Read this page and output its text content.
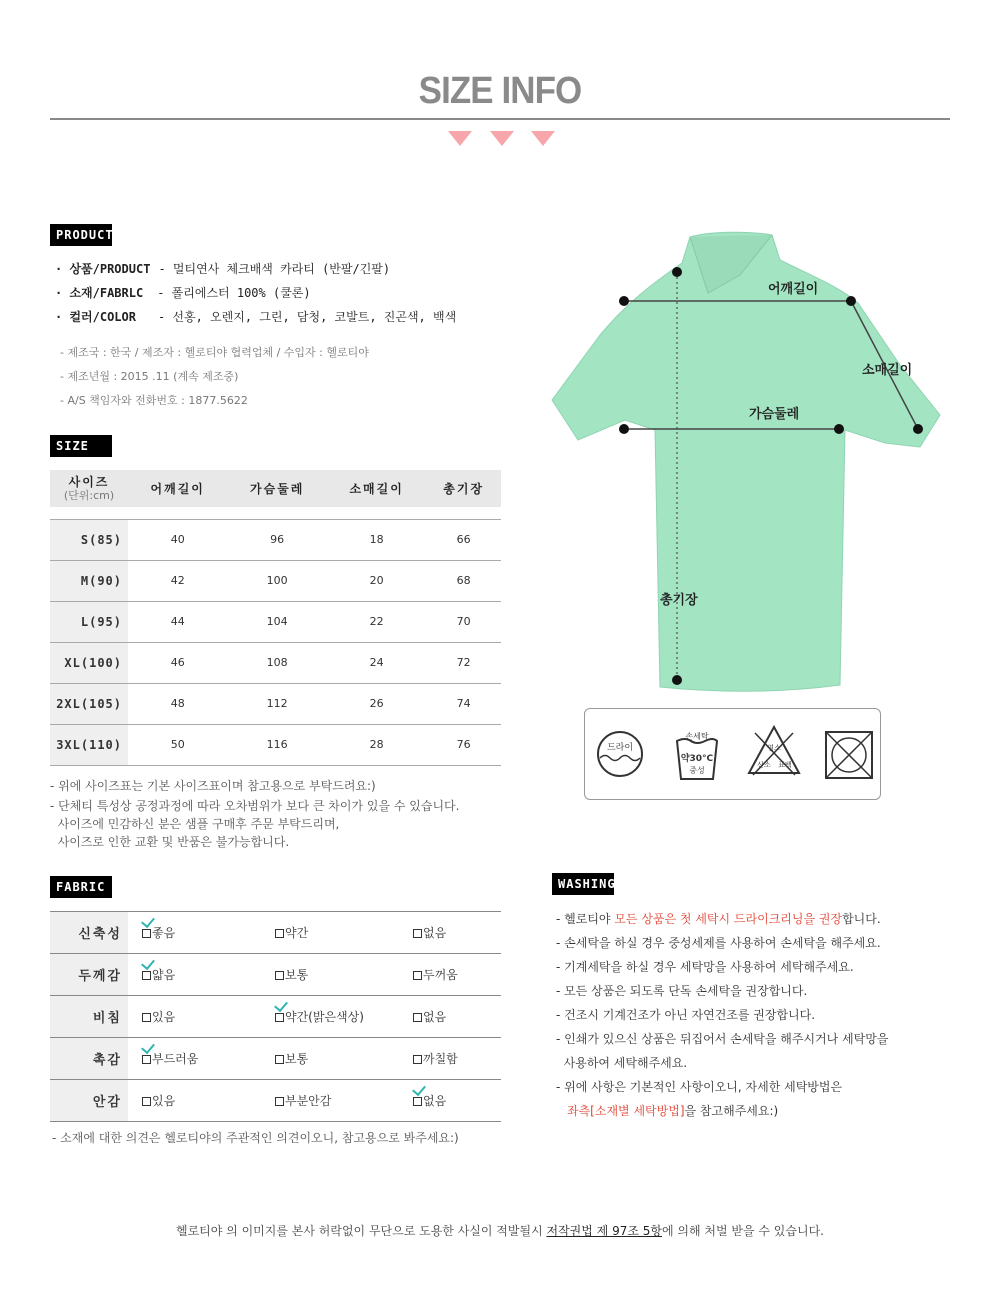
SIZE INFO
PRODUCT
· 상품/PRODUCT - 멀티연사 체크배색 카라티 (반팔/긴팔)
· 소재/FABRLC - 폴리에스터 100% (쿨론)
· 컬러/COLOR - 선홍, 오렌지, 그린, 담청, 코발트, 진곤색, 백색
- 제조국 : 한국 / 제조자 : 헬로티야 협력업체 / 수입자 : 헬로티야
- 제조년월 : 2015 .11 (계속 제조중)
- A/S 책임자와 전화번호 : 1877.5622
SIZE
사이즈
(단위:cm)	어깨길이	가슴둘레	소매길이	총기장

S(85)	40	96	18	66
M(90)	42	100	20	68
L(95)	44	104	22	70
XL(100)	46	108	24	72
2XL(105)	48	112	26	74
3XL(110)	50	116	28	76
- 위에 사이즈표는 기본 사이즈표이며 참고용으로 부탁드려요:)
- 단체티 특성상 공정과정에 따라 오차범위가 보다 큰 차이가 있을 수 있습니다.
사이즈에 민감하신 분은 샘플 구매후 주문 부탁드리며,
사이즈로 인한 교환 및 반품은 불가능합니다.
어깨길이
소매길이
가슴둘레
총기장
드라이
손세탁
약30°C
중성
염소
산소 표백
FABRIC
신축성	좋음	약간	없음
두께감	얇음	보통	두꺼움
비침	있음	약간(밝은색상)	없음
촉감	부드러움	보통	까칠함
안감	있음	부분안감	없음
- 소재에 대한 의견은 헬로티야의 주관적인 의견이오니, 참고용으로 봐주세요:)
WASHING
- 헬로티야 모든 상품은 첫 세탁시 드라이크리닝을 권장합니다.
- 손세탁을 하실 경우 중성세제를 사용하여 손세탁을 해주세요.
- 기계세탁을 하실 경우 세탁망을 사용하여 세탁해주세요.
- 모든 상품은 되도록 단독 손세탁을 권장합니다.
- 건조시 기계건조가 아닌 자연건조를 권장합니다.
- 인쇄가 있으신 상품은 뒤집어서 손세탁을 해주시거나 세탁망을
사용하여 세탁해주세요.
- 위에 사항은 기본적인 사항이오니, 자세한 세탁방법은
좌측[소재별 세탁방법]을 참고해주세요:)
헬로티야 의 이미지를 본사 허락없이 무단으로 도용한 사실이 적발될시 저작권법 제 97조 5항에 의해 처벌 받을 수 있습니다.
